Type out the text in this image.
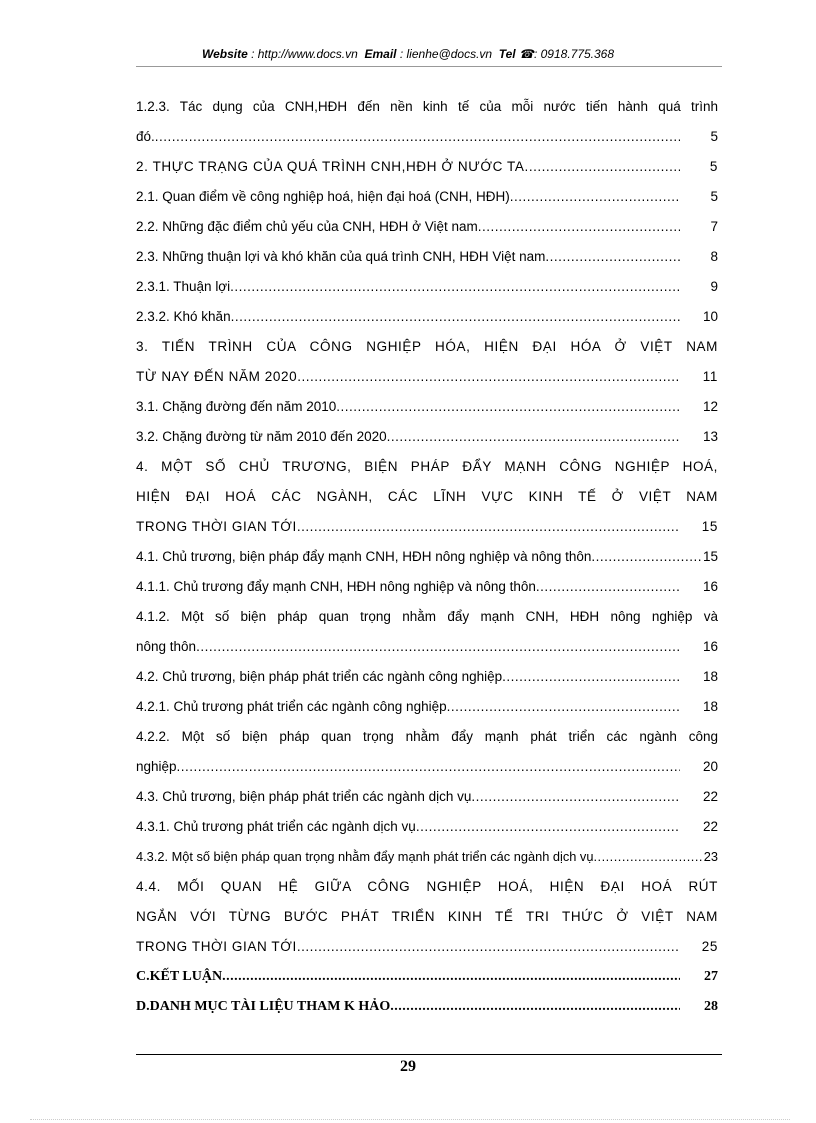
Website : http://www.docs.vn Email : lienhe@docs.vn Tel ☎: 0918.775.368
1.2.3. Tác dụng của CNH,HĐH đến nền kinh tế của mỗi nước tiến hành quá trình
đó. .....	5
2. THỰC TRẠNG CỦA QUÁ TRÌNH CNH,HĐH Ở NƯỚC TA. .....	5
2.1. Quan điểm về công nghiệp hoá, hiện đại hoá (CNH, HĐH) .....	5
2.2. Những đặc điểm chủ yếu của CNH, HĐH ở Việt nam .....	7
2.3. Những thuận lợi và khó khăn của quá trình CNH, HĐH Việt nam .....	8
2.3.1. Thuận lợi .....	9
2.3.2. Khó khăn .....	10
3. TIẾN TRÌNH CỦA CÔNG NGHIỆP HÓA, HIỆN ĐẠI HÓA Ở VIỆT NAM
TỪ NAY ĐẾN NĂM 2020 .....	11
3.1. Chặng đường đến năm 2010 .....	12
3.2. Chặng đường từ năm 2010 đến 2020 .....	13
4. MỘT SỐ CHỦ TRƯƠNG, BIỆN PHÁP ĐẨY MẠNH CÔNG NGHIỆP HOÁ,
HIỆN ĐẠI HOÁ CÁC NGÀNH, CÁC LĨNH VỰC KINH TẾ Ở VIỆT NAM
TRONG THỜI GIAN TỚI .....	15
4.1. Chủ trương, biện pháp đẩy mạnh CNH, HĐH nông nghiệp và nông thôn .....	15
4.1.1. Chủ trương đẩy mạnh CNH, HĐH nông nghiệp và nông thôn .....	16
4.1.2. Một số biện pháp quan trọng nhằm đẩy mạnh CNH, HĐH nông nghiệp và
nông thôn .....	16
4.2. Chủ trương, biện pháp phát triển các ngành công nghiệp .....	18
4.2.1. Chủ trương phát triển các ngành công nghiệp .....	18
4.2.2. Một số biện pháp quan trọng nhằm đẩy mạnh phát triển các ngành công
nghiệp .....	20
4.3. Chủ trương, biện pháp phát triển các ngành dịch vụ .....	22
4.3.1. Chủ trương phát triển các ngành dịch vụ .....	22
4.3.2. Một số biện pháp quan trọng nhằm đẩy mạnh phát triển các ngành dịch vụ .....	23
4.4. MỐI QUAN HỆ GIỮA CÔNG NGHIỆP HOÁ, HIỆN ĐẠI HOÁ RÚT
NGẮN VỚI TỪNG BƯỚC PHÁT TRIỂN KINH TẾ TRI THỨC Ở VIỆT NAM
TRONG THỜI GIAN TỚI .....	25
C.KẾT LUẬN .....	27
D.DANH MỤC TÀI LIỆU THAM K HẢO .....	28
29
